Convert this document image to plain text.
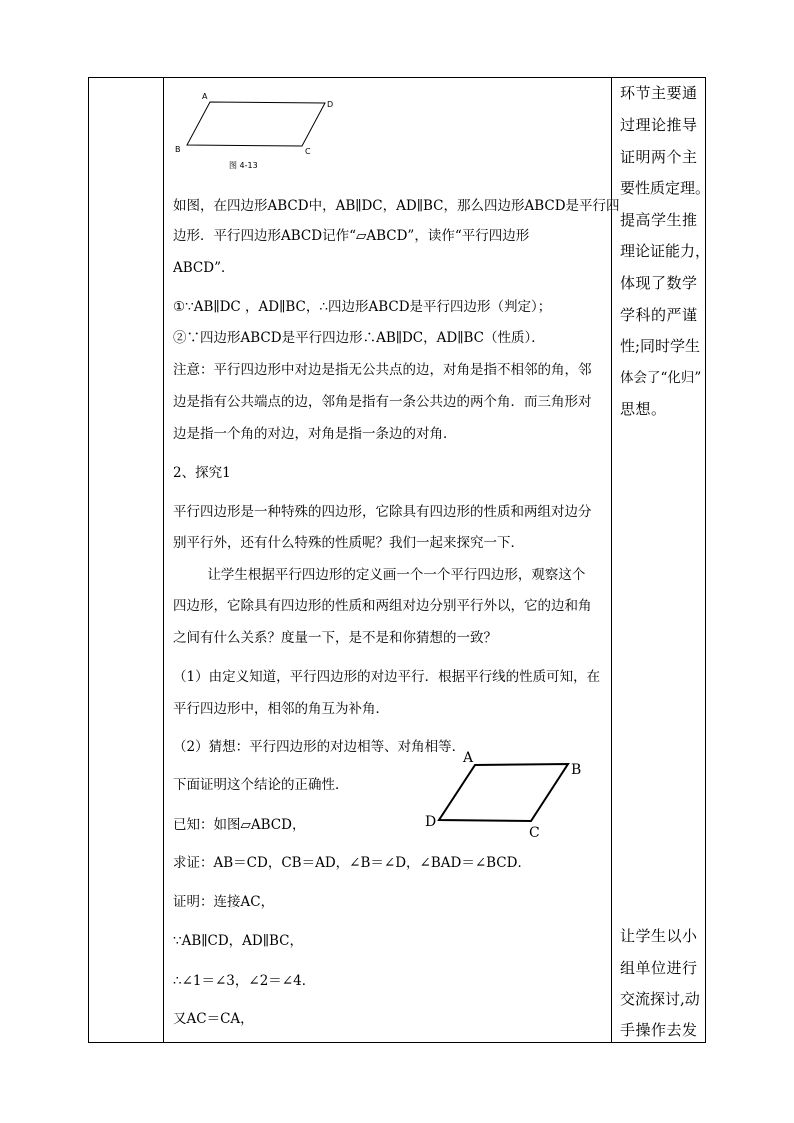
A
D
B	C
图 4-13
A
B
D
C
如图，在四边形ABCD中，AB∥DC，AD∥BC，那么四边形ABCD是平行四
边形．平行四边形ABCD记作“▱ABCD”，读作“平行四边形
ABCD”．
①∵AB∥DC ，AD∥BC，∴四边形ABCD是平行四边形（判定）；
②∵四边形ABCD是平行四边形∴AB∥DC，AD∥BC（性质）．
注意：平行四边形中对边是指无公共点的边，对角是指不相邻的角，邻
边是指有公共端点的边，邻角是指有一条公共边的两个角．而三角形对
边是指一个角的对边，对角是指一条边的对角．
2、探究1
平行四边形是一种特殊的四边形，它除具有四边形的性质和两组对边分
别平行外，还有什么特殊的性质呢？我们一起来探究一下．
让学生根据平行四边形的定义画一个一个平行四边形，观察这个
四边形，它除具有四边形的性质和两组对边分别平行外以，它的边和角
之间有什么关系？度量一下，是不是和你猜想的一致？
（1）由定义知道，平行四边形的对边平行．根据平行线的性质可知，在
平行四边形中，相邻的角互为补角．
（2）猜想：平行四边形的对边相等、对角相等．
下面证明这个结论的正确性．
已知：如图▱ABCD，
求证：AB＝CD，CB＝AD，∠B＝∠D，∠BAD＝∠BCD．
证明：连接AC，
∵AB∥CD，AD∥BC，
∴∠1＝∠3，∠2＝∠4．
又AC＝CA，
环节主要通
过理论推导
证明两个主
要性质定理。
提高学生推
理论证能力，
体现了数学
学科的严谨
性;同时学生
体会了“化归”
思想。
让学生以小
组单位进行
交流探讨,动
手操作去发
